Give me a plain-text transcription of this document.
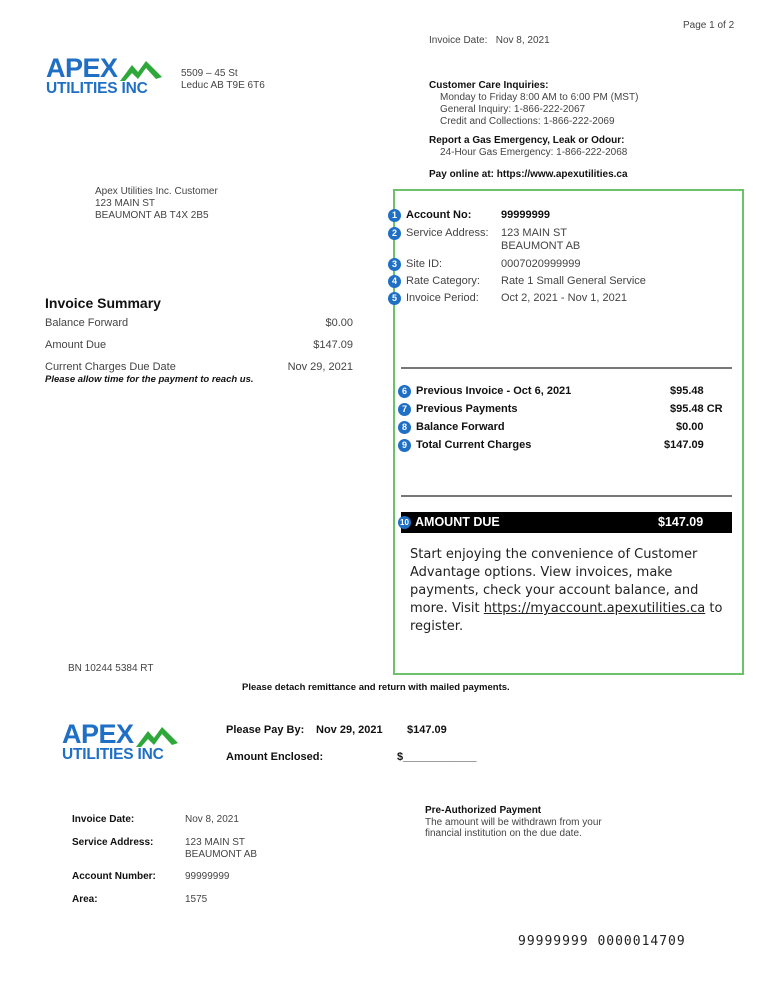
Page 1 of 2
APEX
UTILITIES INC
5509 – 45 St
Leduc AB T9E 6T6
Invoice Date: Nov 8, 2021
Customer Care Inquiries:
Monday to Friday 8:00 AM to 6:00 PM (MST)
General Inquiry: 1-866-222-2067
Credit and Collections: 1-866-222-2069
Report a Gas Emergency, Leak or Odour:
24-Hour Gas Emergency: 1-866-222-2068
Pay online at: https://www.apexutilities.ca
Apex Utilities Inc. Customer
123 MAIN ST
BEAUMONT AB T4X 2B5
Invoice Summary
Balance Forward	$0.00
Amount Due	$147.09
Current Charges Due Date	Nov 29, 2021
Please allow time for the payment to reach us.
1 Account No:	99999999
2 Service Address: 123 MAIN ST
BEAUMONT AB
3 Site ID:	0007020999999
4 Rate Category: Rate 1 Small General Service
5 Invoice Period: Oct 2, 2021 - Nov 1, 2021
6 Previous Invoice - Oct 6, 2021	$95.48
7 Previous Payments	$95.48 CR
8 Balance Forward	$0.00
9 Total Current Charges	$147.09
10 AMOUNT DUE	$147.09
Start enjoying the convenience of Customer Advantage options. View invoices, make payments, check your account balance, and more. Visit https://myaccount.apexutilities.ca to register.
BN 10244 5384 RT
Please detach remittance and return with mailed payments.
APEX
UTILITIES INC
Please Pay By: Nov 29, 2021 $147.09
Amount Enclosed:	$____________
Invoice Date:	Nov 8, 2021
Service Address:	123 MAIN ST
BEAUMONT AB
Account Number:	99999999
Area:	1575
Pre-Authorized Payment
The amount will be withdrawn from your
financial institution on the due date.
99999999 0000014709
